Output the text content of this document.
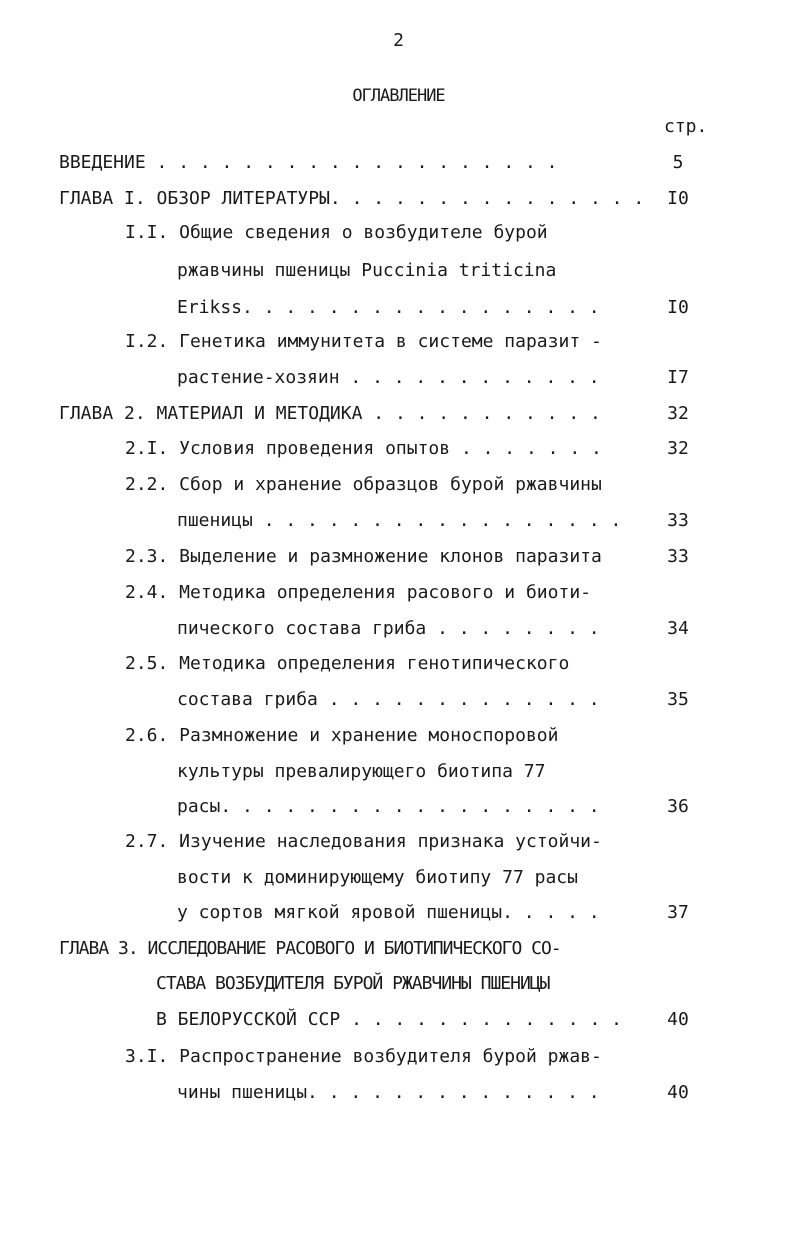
2
ОГЛАВЛЕНИЕ
стр.
ВВЕДЕНИЕ . . . . . . . . . . . . . . . . . . .	5
ГЛАВА I. ОБЗОР ЛИТЕРАТУРЫ. . . . . . . . . . . . . . .	I0
I.I. Общие сведения о возбудителе бурой
ржавчины пшеницы Puccinia triticina
Erikss. . . . . . . . . . . . . . . . .	I0
I.2. Генетика иммунитета в системе паразит -
растение-хозяин . . . . . . . . . . . .	I7
ГЛАВА 2. МАТЕРИАЛ И МЕТОДИКА . . . . . . . . . . .	32
2.I. Условия проведения опытов . . . . . . .	32
2.2. Сбор и хранение образцов бурой ржавчины
пшеницы . . . . . . . . . . . . . . . . .	33
2.3. Выделение и размножение клонов паразита	33
2.4. Методика определения расового и биоти-
пического состава гриба . . . . . . . .	34
2.5. Методика определения генотипического
состава гриба . . . . . . . . . . . . .	35
2.6. Размножение и хранение моноспоровой
культуры превалирующего биотипа 77
расы. . . . . . . . . . . . . . . . . .	36
2.7. Изучение наследования признака устойчи-
вости к доминирующему биотипу 77 расы
у сортов мягкой яровой пшеницы. . . . .	37
ГЛАВА 3. ИССЛЕДОВАНИЕ РАСОВОГО И БИОТИПИЧЕСКОГО СО-
СТАВА ВОЗБУДИТЕЛЯ БУРОЙ РЖАВЧИНЫ ПШЕНИЦЫ
В БЕЛОРУССКОЙ ССР . . . . . . . . . . . . .	40
3.I. Распространение возбудителя бурой ржав-
чины пшеницы. . . . . . . . . . . . . .	40
